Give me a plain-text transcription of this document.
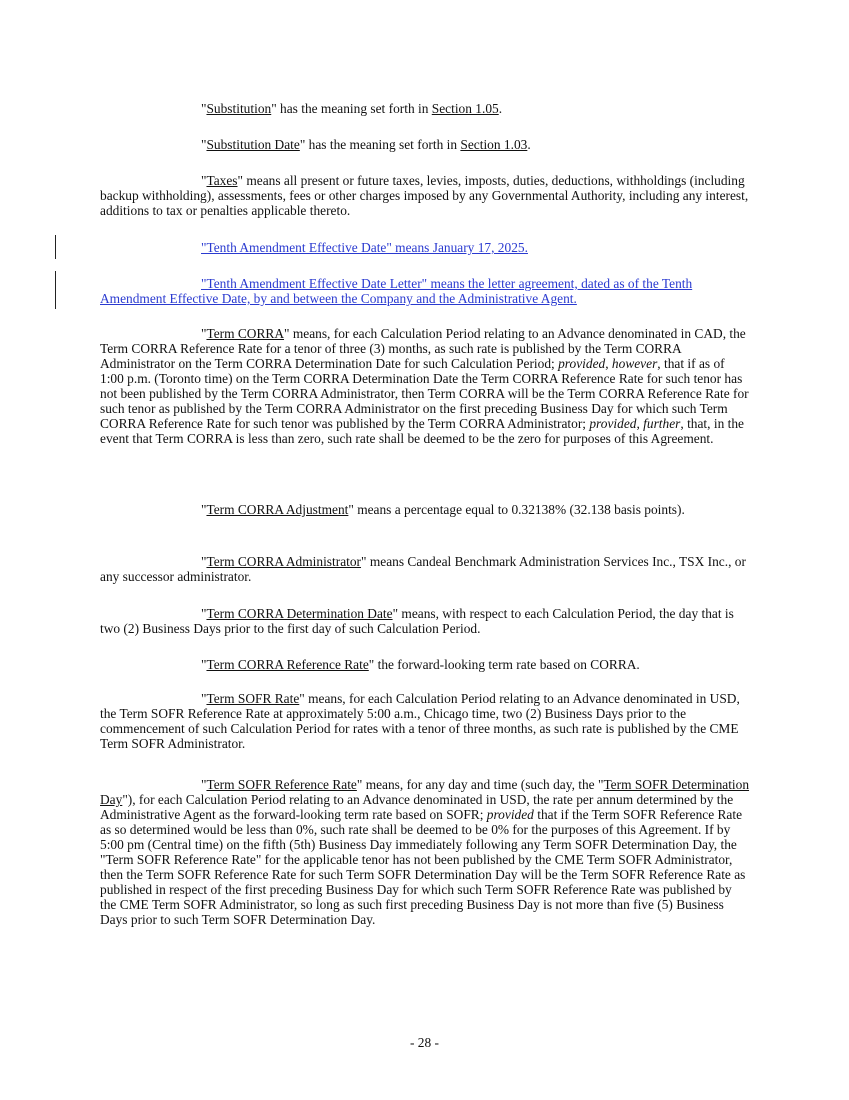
"Substitution" has the meaning set forth in Section 1.05.

"Substitution Date" has the meaning set forth in Section 1.03.

"Taxes" means all present or future taxes, levies, imposts, duties, deductions, withholdings (including backup withholding), assessments, fees or other charges imposed by any Governmental Authority, including any interest, additions to tax or penalties applicable thereto.

"Tenth Amendment Effective Date" means January 17, 2025.

"Tenth Amendment Effective Date Letter" means the letter agreement, dated as of the Tenth Amendment Effective Date, by and between the Company and the Administrative Agent.

"Term CORRA" means, for each Calculation Period relating to an Advance denominated in CAD, the Term CORRA Reference Rate for a tenor of three (3) months, as such rate is published by the Term CORRA Administrator on the Term CORRA Determination Date for such Calculation Period; provided, however, that if as of 1:00 p.m. (Toronto time) on the Term CORRA Determination Date the Term CORRA Reference Rate for such tenor has not been published by the Term CORRA Administrator, then Term CORRA will be the Term CORRA Reference Rate for such tenor as published by the Term CORRA Administrator on the first preceding Business Day for which such Term CORRA Reference Rate for such tenor was published by the Term CORRA Administrator; provided, further, that, in the event that Term CORRA is less than zero, such rate shall be deemed to be the zero for purposes of this Agreement.

"Term CORRA Adjustment" means a percentage equal to 0.32138% (32.138 basis points).

"Term CORRA Administrator" means Candeal Benchmark Administration Services Inc., TSX Inc., or any successor administrator.

"Term CORRA Determination Date" means, with respect to each Calculation Period, the day that is two (2) Business Days prior to the first day of such Calculation Period.

"Term CORRA Reference Rate" the forward-looking term rate based on CORRA.

"Term SOFR Rate" means, for each Calculation Period relating to an Advance denominated in USD, the Term SOFR Reference Rate at approximately 5:00 a.m., Chicago time, two (2) Business Days prior to the commencement of such Calculation Period for rates with a tenor of three months, as such rate is published by the CME Term SOFR Administrator.

"Term SOFR Reference Rate" means, for any day and time (such day, the "Term SOFR Determination Day"), for each Calculation Period relating to an Advance denominated in USD, the rate per annum determined by the Administrative Agent as the forward-looking term rate based on SOFR; provided that if the Term SOFR Reference Rate as so determined would be less than 0%, such rate shall be deemed to be 0% for the purposes of this Agreement. If by 5:00 pm (Central time) on the fifth (5th) Business Day immediately following any Term SOFR Determination Day, the "Term SOFR Reference Rate" for the applicable tenor has not been published by the CME Term SOFR Administrator, then the Term SOFR Reference Rate for such Term SOFR Determination Day will be the Term SOFR Reference Rate as published in respect of the first preceding Business Day for which such Term SOFR Reference Rate was published by the CME Term SOFR Administrator, so long as such first preceding Business Day is not more than five (5) Business Days prior to such Term SOFR Determination Day.

- 28 -
